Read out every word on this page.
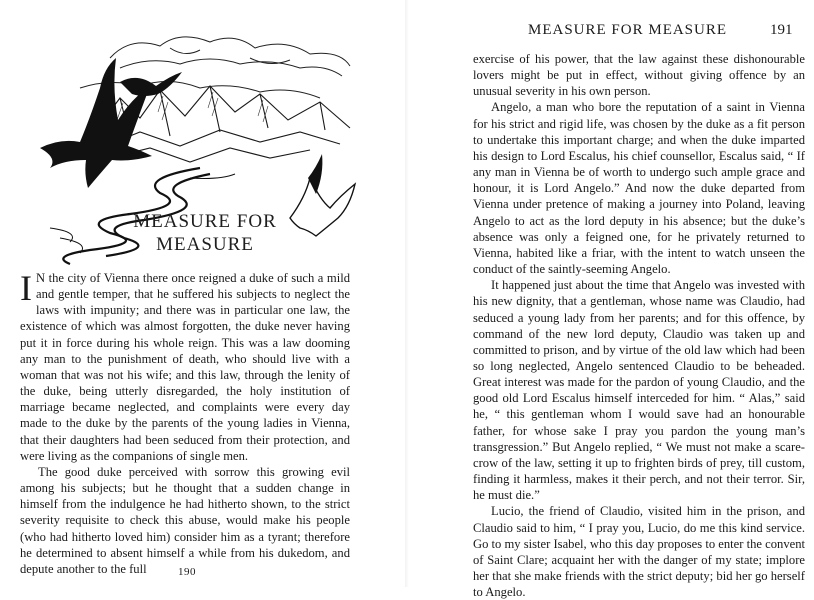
MEASURE FOR
MEASURE

I N the city of Vienna there once reigned a duke of such a mild and gentle temper, that he suffered his subjects to neglect the laws with impunity; and there was in particular one law, the existence of which was almost forgotten, the duke never having put it in force during his whole reign. This was a law dooming any man to the punishment of death, who should live with a woman that was not his wife; and this law, through the lenity of the duke, being utterly disregarded, the holy institution of marriage became neglected, and complaints were every day made to the duke by the parents of the young ladies in Vienna, that their daughters had been seduced from their protection, and were living as the companions of single men.

The good duke perceived with sorrow this growing evil among his subjects; but he thought that a sudden change in himself from the indulgence he had hitherto shown, to the strict severity requisite to check this abuse, would make his people (who had hitherto loved him) consider him as a tyrant; therefore he determined to absent himself a while from his dukedom, and depute another to the full	190
MEASURE FOR MEASURE	191

exercise of his power, that the law against these dishonourable lovers might be put in effect, without giving offence by an unusual severity in his own person.

Angelo, a man who bore the reputation of a saint in Vienna for his strict and rigid life, was chosen by the duke as a fit person to undertake this important charge; and when the duke imparted his design to Lord Escalus, his chief counsellor, Escalus said, “ If any man in Vienna be of worth to undergo such ample grace and honour, it is Lord Angelo.” And now the duke departed from Vienna under pretence of making a journey into Poland, leaving Angelo to act as the lord deputy in his absence; but the duke’s absence was only a feigned one, for he privately returned to Vienna, habited like a friar, with the intent to watch unseen the conduct of the saintly-seeming Angelo.

It happened just about the time that Angelo was invested with his new dignity, that a gentleman, whose name was Claudio, had seduced a young lady from her parents; and for this offence, by command of the new lord deputy, Claudio was taken up and committed to prison, and by virtue of the old law which had been so long neglected, Angelo sentenced Claudio to be beheaded. Great interest was made for the pardon of young Claudio, and the good old Lord Escalus himself interceded for him. “ Alas,” said he, “ this gentleman whom I would save had an honourable father, for whose sake I pray you pardon the young man’s transgression.” But Angelo replied, “ We must not make a scare-crow of the law, setting it up to frighten birds of prey, till custom, finding it harmless, makes it their perch, and not their terror. Sir, he must die.”

Lucio, the friend of Claudio, visited him in the prison, and Claudio said to him, “ I pray you, Lucio, do me this kind service. Go to my sister Isabel, who this day proposes to enter the convent of Saint Clare; acquaint her with the danger of my state; implore her that she make friends with the strict deputy; bid her go herself to Angelo.
